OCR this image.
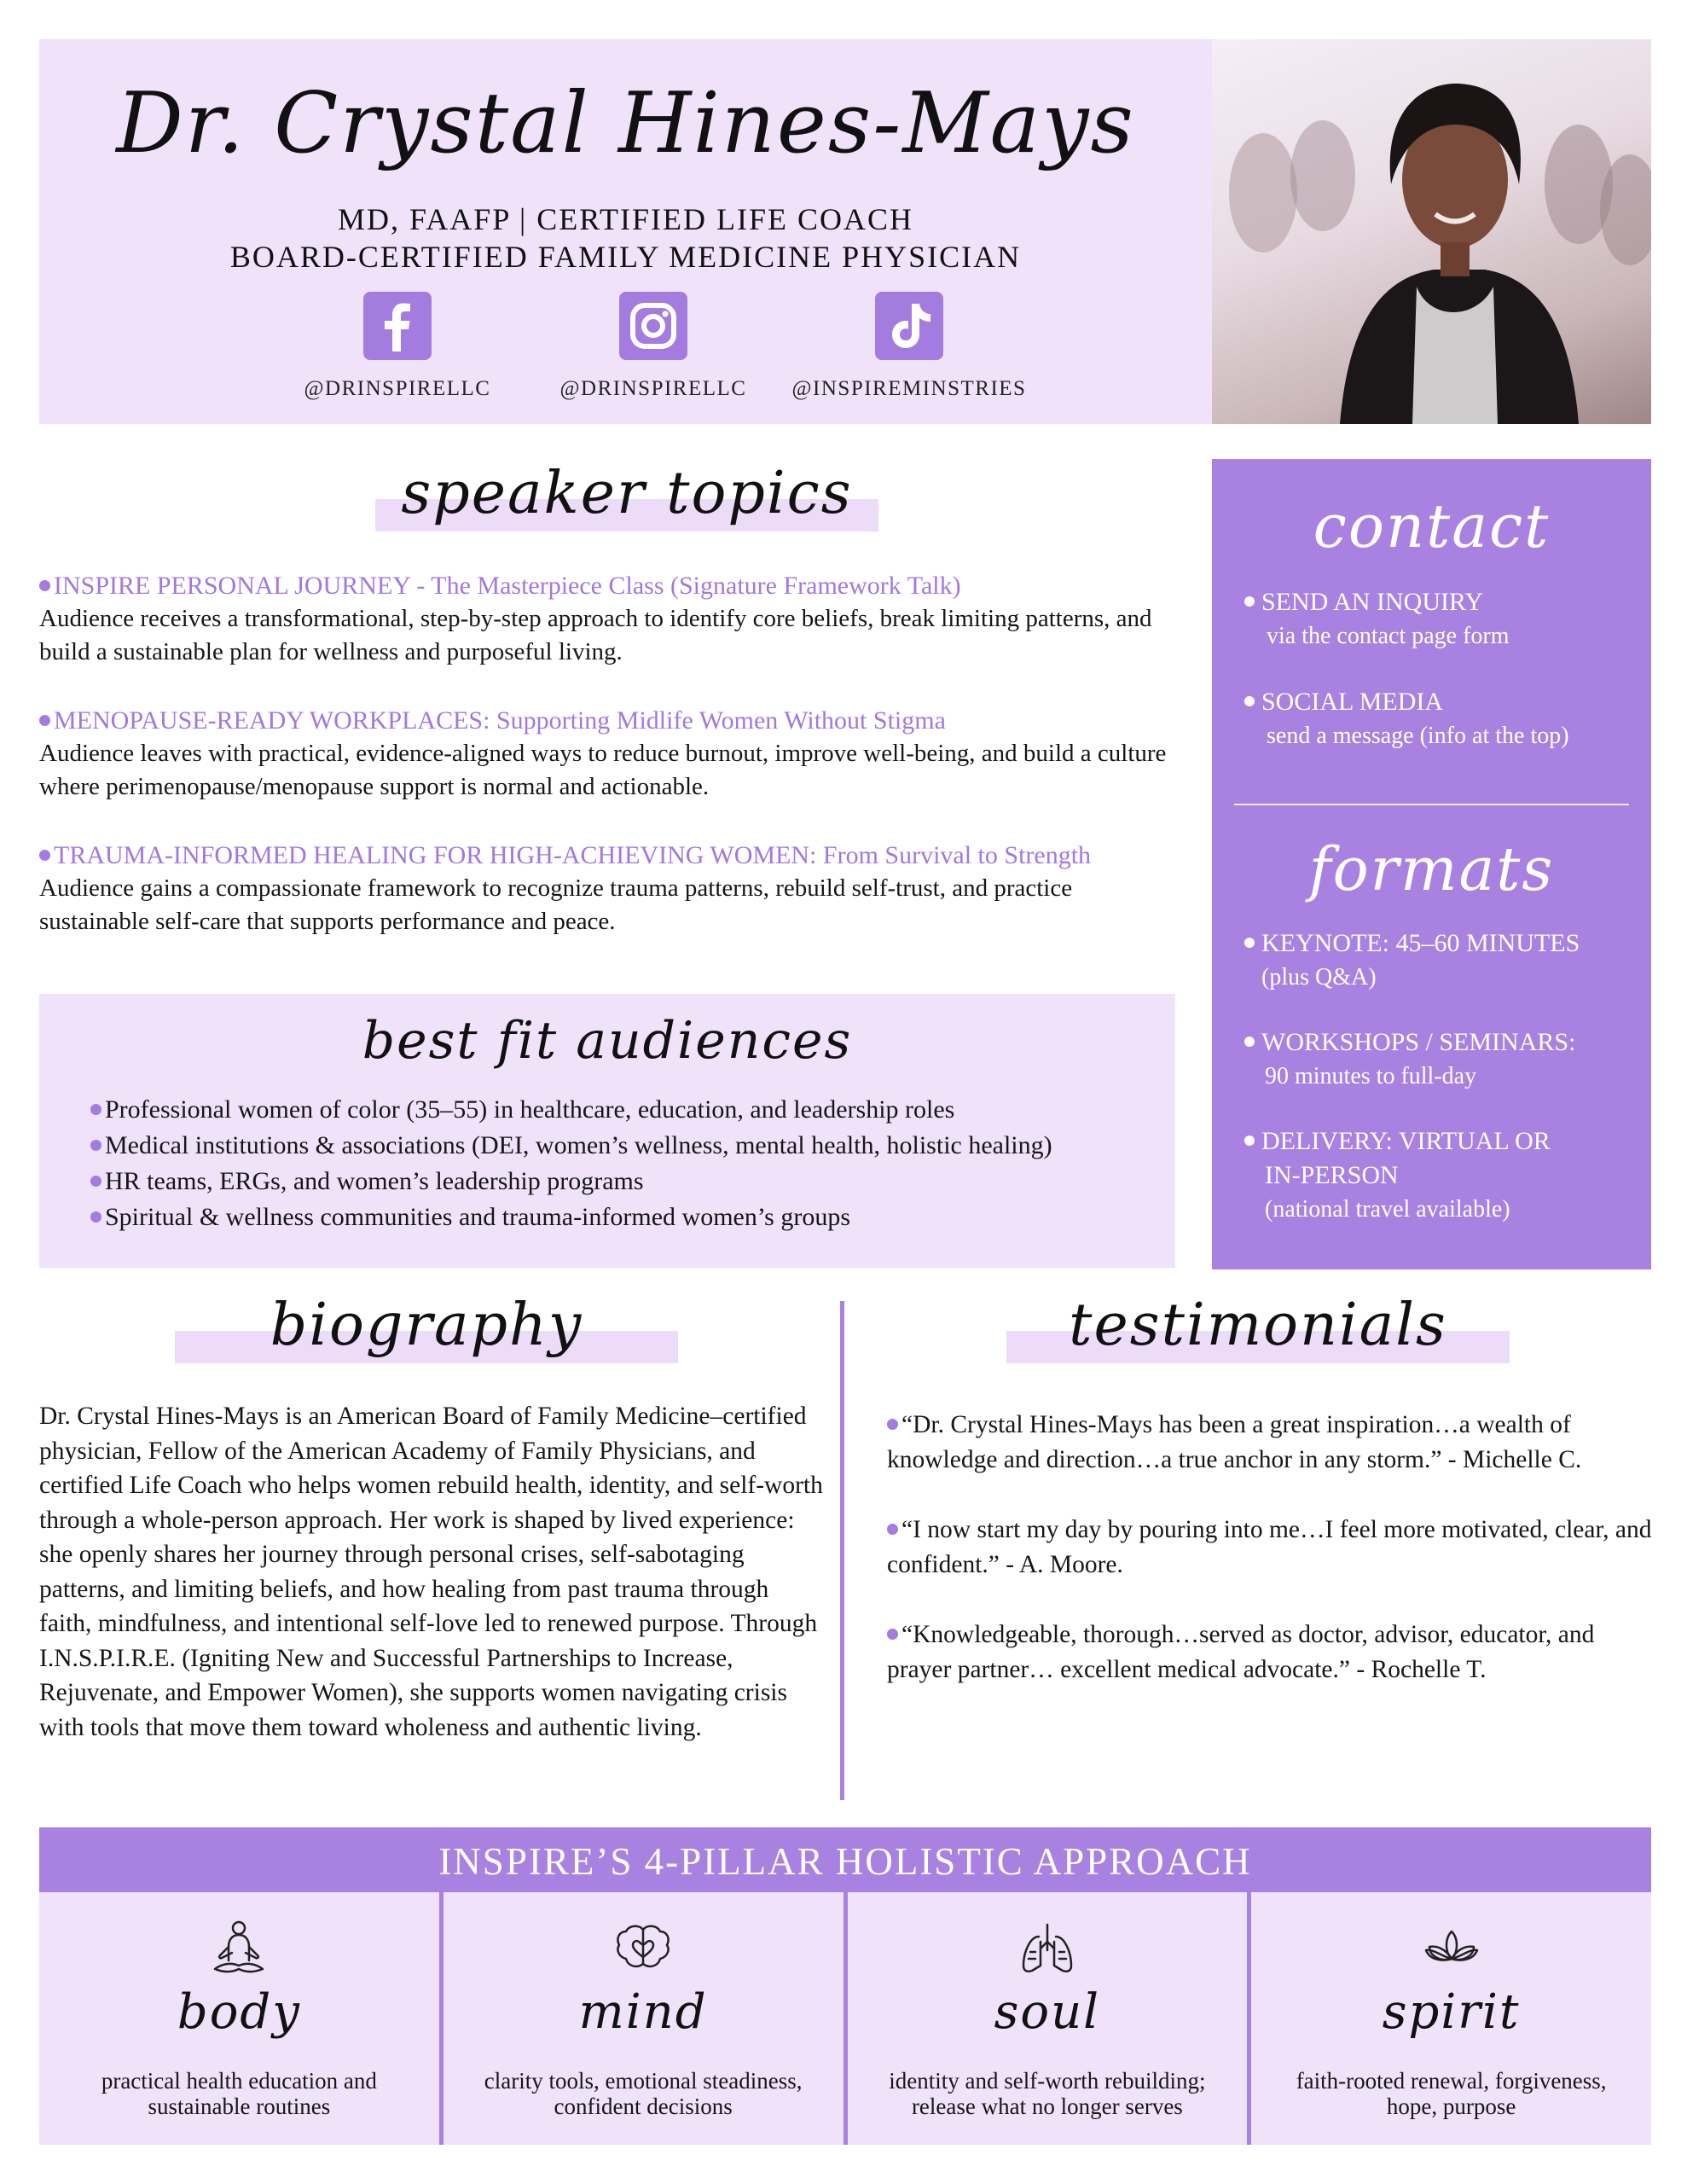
Dr. Crystal Hines-Mays
MD, FAAFP | CERTIFIED LIFE COACH
BOARD-CERTIFIED FAMILY MEDICINE PHYSICIAN
@DRINSPIRELLC	@DRINSPIRELLC	@INSPIREMINSTRIES
speaker topics
INSPIRE PERSONAL JOURNEY - The Masterpiece Class (Signature Framework Talk)
Audience receives a transformational, step-by-step approach to identify core beliefs, break limiting patterns, and build a sustainable plan for wellness and purposeful living.
MENOPAUSE-READY WORKPLACES: Supporting Midlife Women Without Stigma
Audience leaves with practical, evidence-aligned ways to reduce burnout, improve well-being, and build a culture where perimenopause/menopause support is normal and actionable.
TRAUMA-INFORMED HEALING FOR HIGH-ACHIEVING WOMEN: From Survival to Strength
Audience gains a compassionate framework to recognize trauma patterns, rebuild self-trust, and practice sustainable self-care that supports performance and peace.
best fit audiences
Professional women of color (35–55) in healthcare, education, and leadership roles
Medical institutions & associations (DEI, women’s wellness, mental health, holistic healing)
HR teams, ERGs, and women’s leadership programs
Spiritual & wellness communities and trauma-informed women’s groups
contact
SEND AN INQUIRY
via the contact page form
SOCIAL MEDIA
send a message (info at the top)
formats
KEYNOTE: 45–60 MINUTES
(plus Q&A)
WORKSHOPS / SEMINARS:
90 minutes to full-day
DELIVERY: VIRTUAL OR
IN-PERSON
(national travel available)
biography
Dr. Crystal Hines-Mays is an American Board of Family Medicine–certified physician, Fellow of the American Academy of Family Physicians, and certified Life Coach who helps women rebuild health, identity, and self-worth through a whole-person approach. Her work is shaped by lived experience: she openly shares her journey through personal crises, self-sabotaging patterns, and limiting beliefs, and how healing from past trauma through faith, mindfulness, and intentional self-love led to renewed purpose. Through I.N.S.P.I.R.E. (Igniting New and Successful Partnerships to Increase, Rejuvenate, and Empower Women), she supports women navigating crisis with tools that move them toward wholeness and authentic living.
testimonials
“Dr. Crystal Hines-Mays has been a great inspiration…a wealth of knowledge and direction…a true anchor in any storm.” - Michelle C.
“I now start my day by pouring into me…I feel more motivated, clear, and confident.” - A. Moore.
“Knowledgeable, thorough…served as doctor, advisor, educator, and prayer partner… excellent medical advocate.” - Rochelle T.
INSPIRE’S 4-PILLAR HOLISTIC APPROACH
body
practical health education and sustainable routines
mind
clarity tools, emotional steadiness, confident decisions
soul
identity and self-worth rebuilding; release what no longer serves
spirit
faith-rooted renewal, forgiveness, hope, purpose
